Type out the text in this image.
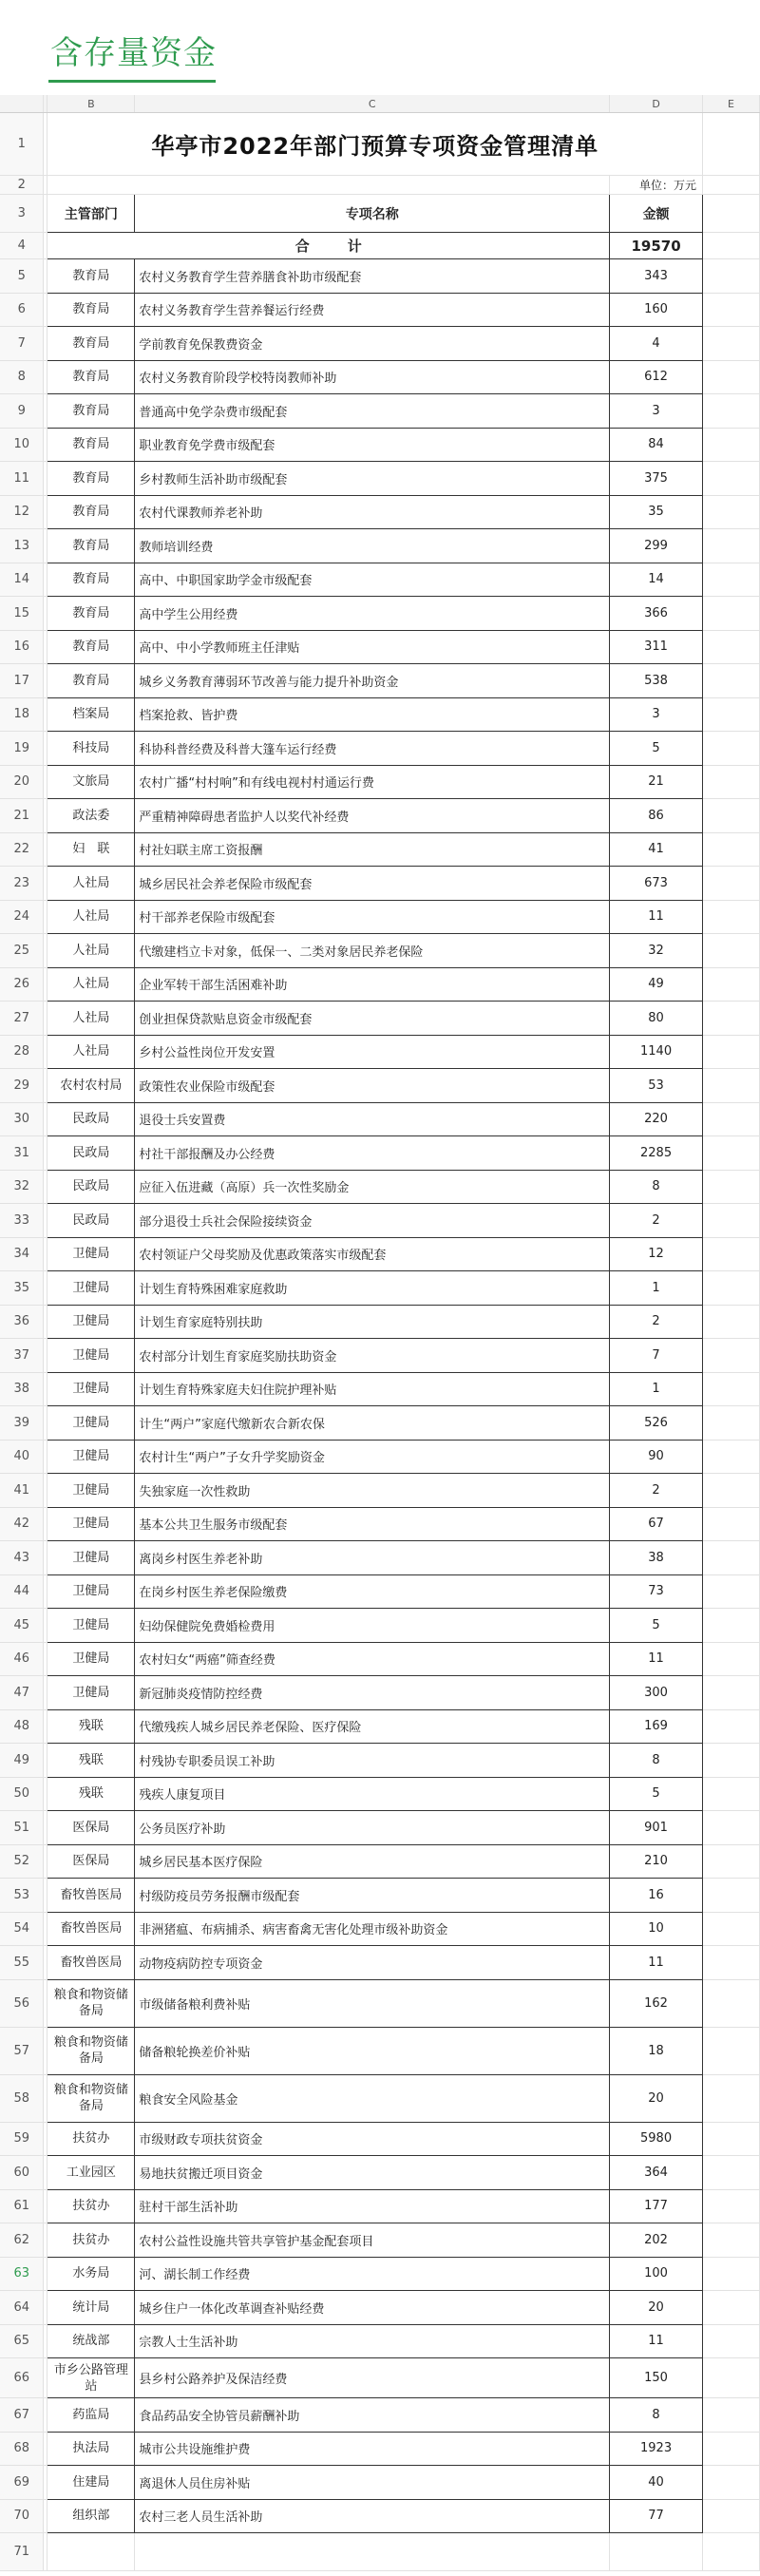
含存量资金
		B	C	D	E
1		华亭市2022年部门预算专项资金管理清单			
2				单位：万元	
3		主管部门	专项名称	金额	
4		合计		19570	
5		教育局	农村义务教育学生营养膳食补助市级配套	343	
6		教育局	农村义务教育学生营养餐运行经费	160	
7		教育局	学前教育免保教费资金	4	
8		教育局	农村义务教育阶段学校特岗教师补助	612	
9		教育局	普通高中免学杂费市级配套	3	
10		教育局	职业教育免学费市级配套	84	
11		教育局	乡村教师生活补助市级配套	375	
12		教育局	农村代课教师养老补助	35	
13		教育局	教师培训经费	299	
14		教育局	高中、中职国家助学金市级配套	14	
15		教育局	高中学生公用经费	366	
16		教育局	高中、中小学教师班主任津贴	311	
17		教育局	城乡义务教育薄弱环节改善与能力提升补助资金	538	
18		档案局	档案抢救、皆护费	3	
19		科技局	科协科普经费及科普大篷车运行经费	5	
20		文旅局	农村广播“村村响”和有线电视村村通运行费	21	
21		政法委	严重精神障碍患者监护人以奖代补经费	86	
22		妇　联	村社妇联主席工资报酬	41	
23		人社局	城乡居民社会养老保险市级配套	673	
24		人社局	村干部养老保险市级配套	11	
25		人社局	代缴建档立卡对象，低保一、二类对象居民养老保险	32	
26		人社局	企业军转干部生活困难补助	49	
27		人社局	创业担保贷款贴息资金市级配套	80	
28		人社局	乡村公益性岗位开发安置	1140	
29		农村农村局	政策性农业保险市级配套	53	
30		民政局	退役士兵安置费	220	
31		民政局	村社干部报酬及办公经费	2285	
32		民政局	应征入伍进藏（高原）兵一次性奖励金	8	
33		民政局	部分退役士兵社会保险接续资金	2	
34		卫健局	农村领证户父母奖励及优惠政策落实市级配套	12	
35		卫健局	计划生育特殊困难家庭救助	1	
36		卫健局	计划生育家庭特别扶助	2	
37		卫健局	农村部分计划生育家庭奖励扶助资金	7	
38		卫健局	计划生育特殊家庭夫妇住院护理补贴	1	
39		卫健局	计生“两户”家庭代缴新农合新农保	526	
40		卫健局	农村计生“两户”子女升学奖励资金	90	
41		卫健局	失独家庭一次性救助	2	
42		卫健局	基本公共卫生服务市级配套	67	
43		卫健局	离岗乡村医生养老补助	38	
44		卫健局	在岗乡村医生养老保险缴费	73	
45		卫健局	妇幼保健院免费婚检费用	5	
46		卫健局	农村妇女“两癌”筛查经费	11	
47		卫健局	新冠肺炎疫情防控经费	300	
48		残联	代缴残疾人城乡居民养老保险、医疗保险	169	
49		残联	村残协专职委员误工补助	8	
50		残联	残疾人康复项目	5	
51		医保局	公务员医疗补助	901	
52		医保局	城乡居民基本医疗保险	210	
53		畜牧兽医局	村级防疫员劳务报酬市级配套	16	
54		畜牧兽医局	非洲猪瘟、布病捕杀、病害畜禽无害化处理市级补助资金	10	
55		畜牧兽医局	动物疫病防控专项资金	11	
56		粮食和物资储备局	市级储备粮利费补贴	162	
57		粮食和物资储备局	储备粮轮换差价补贴	18	
58		粮食和物资储备局	粮食安全风险基金	20	
59		扶贫办	市级财政专项扶贫资金	5980	
60		工业园区	易地扶贫搬迁项目资金	364	
61		扶贫办	驻村干部生活补助	177	
62		扶贫办	农村公益性设施共管共享管护基金配套项目	202	
63		水务局	河、湖长制工作经费	100	
64		统计局	城乡住户一体化改革调查补贴经费	20	
65		统战部	宗教人士生活补助	11	
66		市乡公路管理站	县乡村公路养护及保洁经费	150	
67		药监局	食品药品安全协管员薪酬补助	8	
68		执法局	城市公共设施维护费	1923	
69		住建局	离退休人员住房补贴	40	
70		组织部	农村三老人员生活补助	77	
71					
